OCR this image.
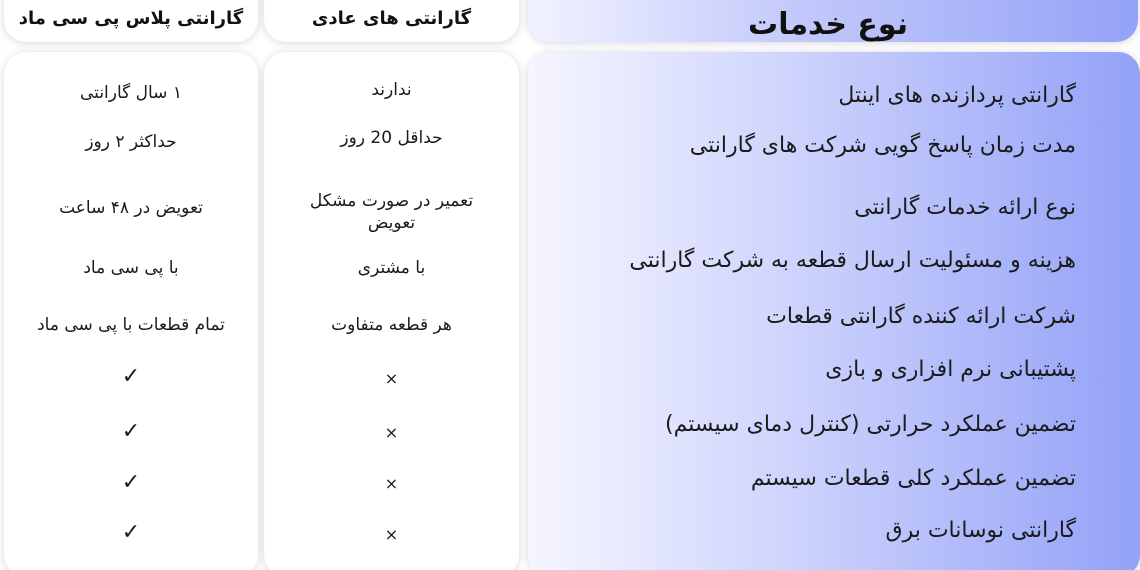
نوع خدمات
گارانتی های عادی
گارانتی پلاس پی سی ماد
گارانتی پردازنده های اینتل
مدت زمان پاسخ گویی شرکت های گارانتی
نوع ارائه خدمات گارانتی
هزینه و مسئولیت ارسال قطعه به شرکت گارانتی
شرکت ارائه کننده گارانتی قطعات
پشتیبانی نرم افزاری و بازی
تضمین عملکرد حرارتی (کنترل دمای سیستم)
تضمین عملکرد کلی قطعات سیستم
گارانتی نوسانات برق
ندارند
حداقل 20 روز
تعمیر در صورت مشکل تعویض
با مشتری
هر قطعه متفاوت
×
×
×
×
۱ سال گارانتی
حداکثر ۲ روز
تعویض در ۴۸ ساعت
با پی سی ماد
تمام قطعات با پی سی ماد
✓
✓
✓
✓
